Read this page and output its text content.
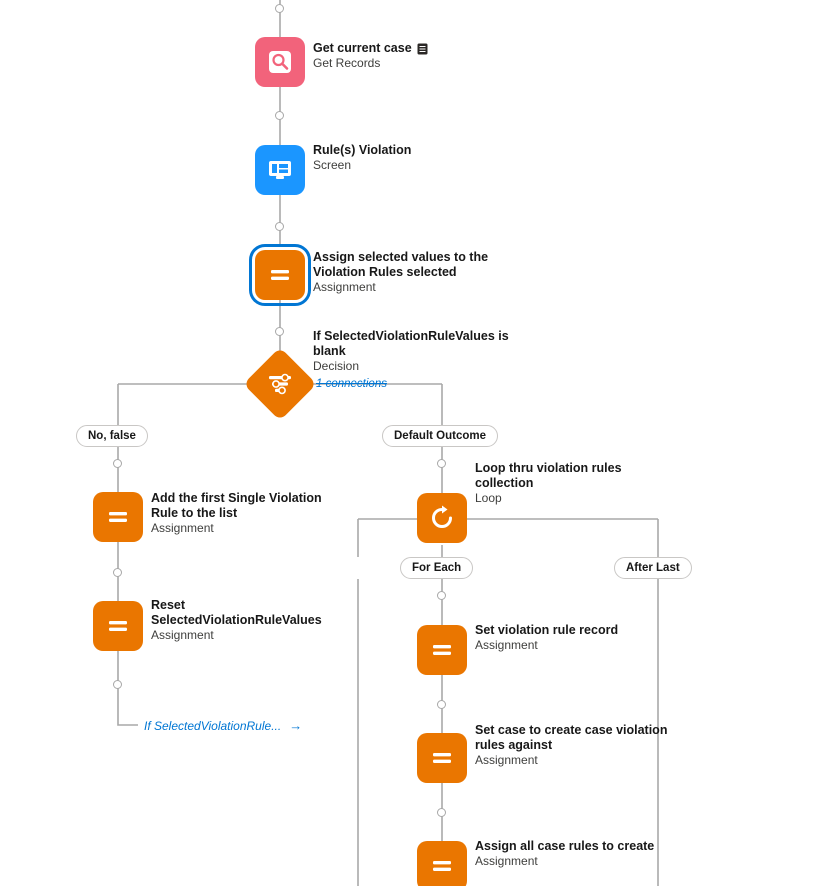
Get current case
Get Records
Rule(s) Violation
Screen
Assign selected values to the Violation Rules selected
Assignment
If SelectedViolationRuleValues is blank
Decision
1 connections
No, false	Default Outcome
For Each	After Last
Add the first Single Violation Rule to the list
Assignment
Reset SelectedViolationRuleValues
Assignment
If SelectedViolationRule... →
Loop thru violation rules collection
Loop
Set violation rule record
Assignment
Set case to create case violation rules against
Assignment
Assign all case rules to create
Assignment
